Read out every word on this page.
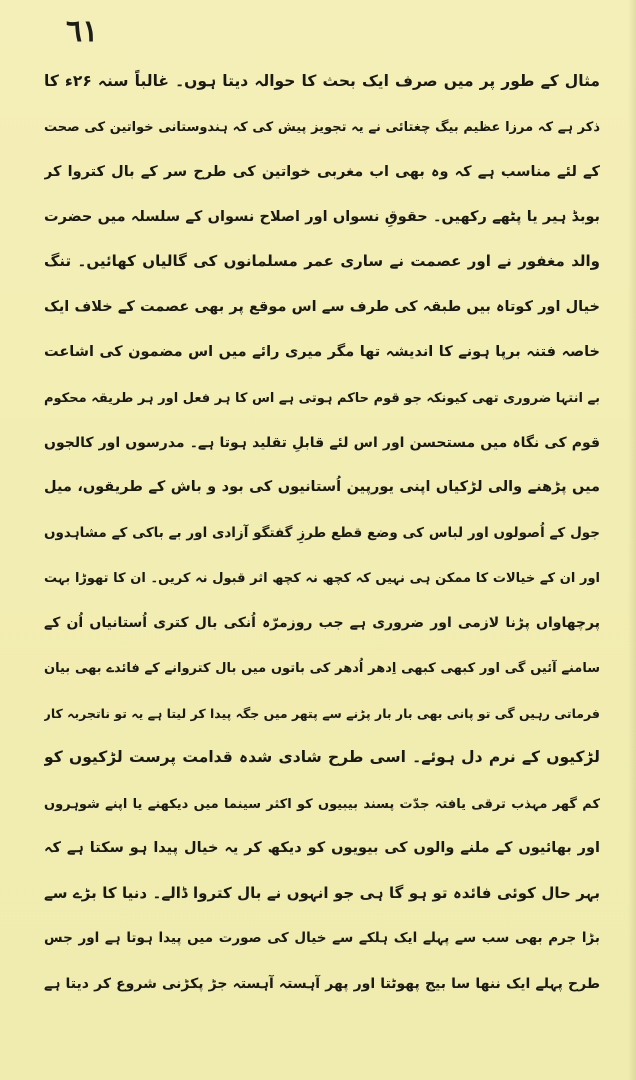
٦١
مثال کے طور پر میں صرف ایک بحث کا حوالہ دیتا ہوں۔ غالباً سنہ ۲۶ء کا
ذکر ہے کہ مرزا عظیم بیگ چغتائی نے یہ تجویز پیش کی کہ ہندوستانی خواتین کی صحت
کے لئے مناسب ہے کہ وہ بھی اب مغربی خواتین کی طرح سر کے بال کتروا کر
بوبڈ ہیر یا پٹھے رکھیں۔ حقوقِ نسواں اور اصلاح نسواں کے سلسلہ میں حضرت
والد مغفور نے اور عصمت نے ساری عمر مسلمانوں کی گالیاں کھائیں۔ تنگ
خیال اور کوتاہ بیں طبقہ کی طرف سے اس موقع پر بھی عصمت کے خلاف ایک
خاصہ فتنہ برپا ہونے کا اندیشہ تھا مگر میری رائے میں اس مضمون کی اشاعت
بے انتہا ضروری تھی کیونکہ جو قوم حاکم ہوتی ہے اس کا ہر فعل اور ہر طریقہ محکوم
قوم کی نگاہ میں مستحسن اور اس لئے قابلِ تقلید ہوتا ہے۔ مدرسوں اور کالجوں
میں پڑھنے والی لڑکیاں اپنی یورپین اُستانیوں کی بود و باش کے طریقوں، میل
جول کے اُصولوں اور لباس کی وضع قطع طرزِ گفتگو آزادی اور بے باکی کے مشاہدوں
اور ان کے خیالات کا ممکن ہی نہیں کہ کچھ نہ کچھ اثر قبول نہ کریں۔ ان کا تھوڑا بہت
پرچھاواں پڑنا لازمی اور ضروری ہے جب روزمرّہ اُنکی بال کتری اُستانیاں اُن کے
سامنے آئیں گی اور کبھی کبھی اِدھر اُدھر کی باتوں میں بال کتروانے کے فائدے بھی بیان
فرماتی رہیں گی تو پانی بھی بار بار پڑنے سے پتھر میں جگہ پیدا کر لیتا ہے یہ تو ناتجربہ کار
لڑکیوں کے نرم دل ہوئے۔ اسی طرح شادی شدہ قدامت پرست لڑکیوں کو
کم گھر مہذب ترقی یافتہ جدّت پسند بیبیوں کو اکثر سینما میں دیکھنے یا اپنے شوہروں
اور بھائیوں کے ملنے والوں کی بیویوں کو دیکھ کر یہ خیال پیدا ہو سکتا ہے کہ
بہر حال کوئی فائدہ تو ہو گا ہی جو انہوں نے بال کتروا ڈالے۔ دنیا کا بڑے سے
بڑا جرم بھی سب سے پہلے ایک ہلکے سے خیال کی صورت میں پیدا ہوتا ہے اور جس
طرح پہلے ایک ننھا سا بیج پھوٹتا اور پھر آہستہ آہستہ جڑ پکڑنی شروع کر دیتا ہے
